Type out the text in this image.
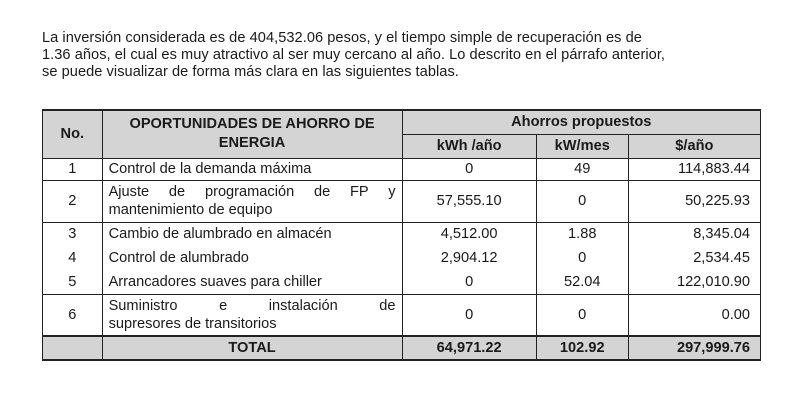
La inversión considerada es de 404,532.06 pesos, y el tiempo simple de recuperación es de

1.36 años, el cual es muy atractivo al ser muy cercano al año. Lo descrito en el párrafo anterior,

se puede visualizar de forma más clara en las siguientes tablas.

No.	OPORTUNIDADES DE AHORRO DE
ENERGIA	Ahorros propuestos		
		kWh /año	kW/mes	$/año
1	Control de la demanda máxima	0	49	114,883.44
2	Ajuste de programación de FP y
mantenimiento de equipo	57,555.10	0	50,225.93
3	Cambio de alumbrado en almacén	4,512.00	1.88	8,345.04
4	Control de alumbrado	2,904.12	0	2,534.45
5	Arrancadores suaves para chiller	0	52.04	122,010.90
6	Suministro e instalación de
supresores de transitorios	0	0	0.00
	TOTAL	64,971.22	102.92	297,999.76
